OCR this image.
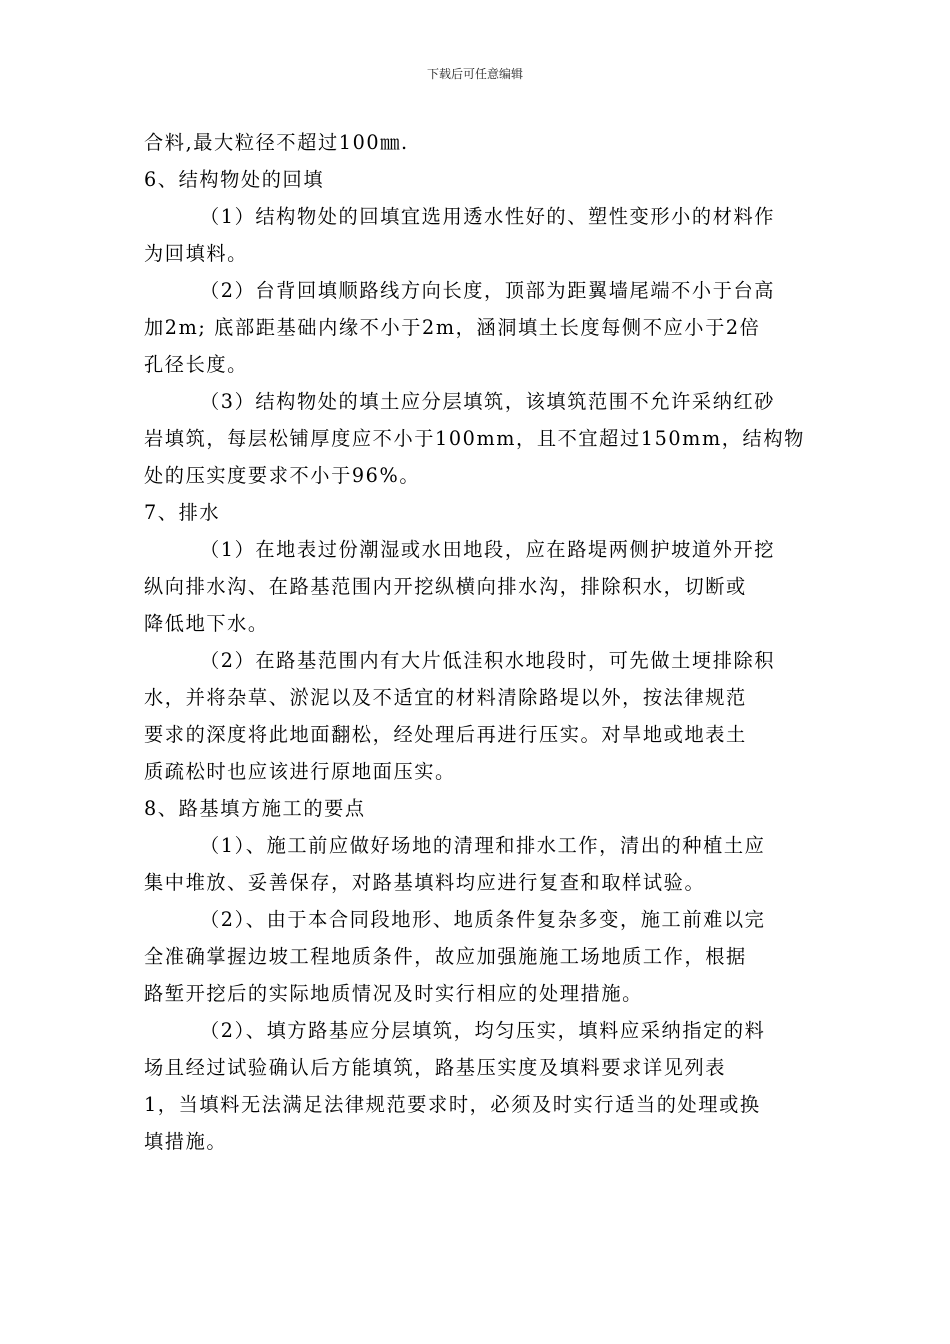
下载后可任意编辑
合料,最大粒径不超过100㎜.
6、结构物处的回填
（1）结构物处的回填宜选用透水性好的、塑性变形小的材料作
为回填料。
（2）台背回填顺路线方向长度，顶部为距翼墙尾端不小于台高
加2m; 底部距基础内缘不小于2m，涵洞填土长度每侧不应小于2倍
孔径长度。
（3）结构物处的填土应分层填筑，该填筑范围不允许采纳红砂
岩填筑，每层松铺厚度应不小于100mm，且不宜超过150mm，结构物
处的压实度要求不小于96%。
7、排水
（1）在地表过份潮湿或水田地段，应在路堤两侧护坡道外开挖
纵向排水沟、在路基范围内开挖纵横向排水沟，排除积水，切断或
降低地下水。
（2）在路基范围内有大片低洼积水地段时，可先做土埂排除积
水，并将杂草、淤泥以及不适宜的材料清除路堤以外，按法律规范
要求的深度将此地面翻松，经处理后再进行压实。对旱地或地表土
质疏松时也应该进行原地面压实。
8、路基填方施工的要点
（1）、施工前应做好场地的清理和排水工作，清出的种植土应
集中堆放、妥善保存，对路基填料均应进行复查和取样试验。
（2）、由于本合同段地形、地质条件复杂多变，施工前难以完
全准确掌握边坡工程地质条件，故应加强施施工场地质工作，根据
路堑开挖后的实际地质情况及时实行相应的处理措施。
（2）、填方路基应分层填筑，均匀压实，填料应采纳指定的料
场且经过试验确认后方能填筑，路基压实度及填料要求详见列表
1，当填料无法满足法律规范要求时，必须及时实行适当的处理或换
填措施。
